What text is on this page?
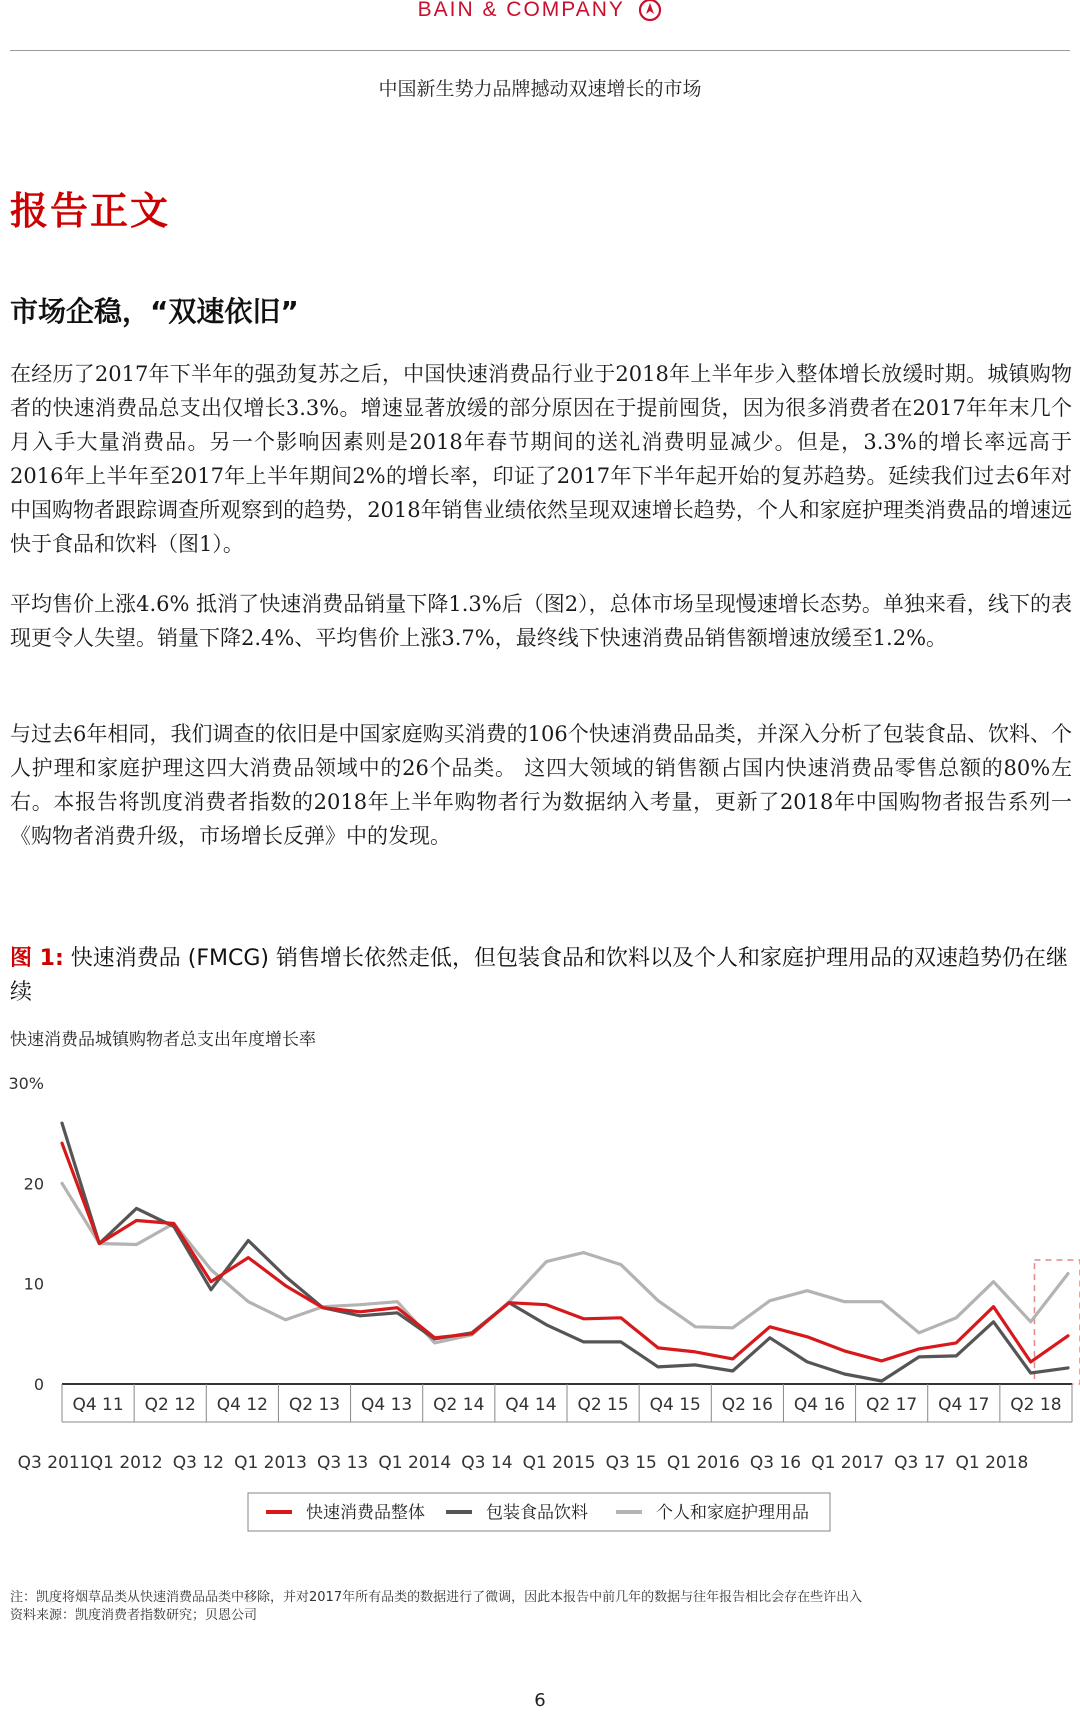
BAIN & COMPANY
中国新生势力品牌撼动双速增长的市场
报告正文
市场企稳，“双速依旧”

在经历了2017年下半年的强劲复苏之后，中国快速消费品行业于2018年上半年步入整体增长放缓时期。城镇购物者的快速消费品总支出仅增长3.3%。增速显著放缓的部分原因在于提前囤货，因为很多消费者在2017年年末几个月入手大量消费品。另一个影响因素则是2018年春节期间的送礼消费明显减少。但是，3.3%的增长率远高于2016年上半年至2017年上半年期间2%的增长率，印证了2017年下半年起开始的复苏趋势。延续我们过去6年对中国购物者跟踪调查所观察到的趋势，2018年销售业绩依然呈现双速增长趋势，个人和家庭护理类消费品的增速远快于食品和饮料（图1）。

平均售价上涨4.6% 抵消了快速消费品销量下降1.3%后（图2），总体市场呈现慢速增长态势。单独来看，线下的表现更令人失望。销量下降2.4%、平均售价上涨3.7%，最终线下快速消费品销售额增速放缓至1.2%。

与过去6年相同，我们调查的依旧是中国家庭购买消费的106个快速消费品品类，并深入分析了包装食品、饮料、个人护理和家庭护理这四大消费品领域中的26个品类。 这四大领域的销售额占国内快速消费品零售总额的80%左右。本报告将凯度消费者指数的2018年上半年购物者行为数据纳入考量，更新了2018年中国购物者报告系列一《购物者消费升级，市场增长反弹》中的发现。

图 1: 快速消费品 (FMCG) 销售增长依然走低，但包装食品和饮料以及个人和家庭护理用品的双速趋势仍在继续
快速消费品城镇购物者总支出年度增长率
30%
20
10
0
Q4 11 Q2 12 Q4 12 Q2 13 Q4 13 Q2 14 Q4 14 Q2 15 Q4 15 Q2 16 Q4 16 Q2 17 Q4 17 Q2 18
Q3 2011 Q1 2012 Q3 12 Q1 2013 Q3 13 Q1 2014 Q3 14 Q1 2015 Q3 15 Q1 2016 Q3 16 Q1 2017 Q3 17 Q1 2018
快速消费品整体	包装食品饮料	个人和家庭护理用品
注：凯度将烟草品类从快速消费品品类中移除，并对2017年所有品类的数据进行了微调，因此本报告中前几年的数据与往年报告相比会存在些许出入
资料来源：凯度消费者指数研究；贝恩公司
6
